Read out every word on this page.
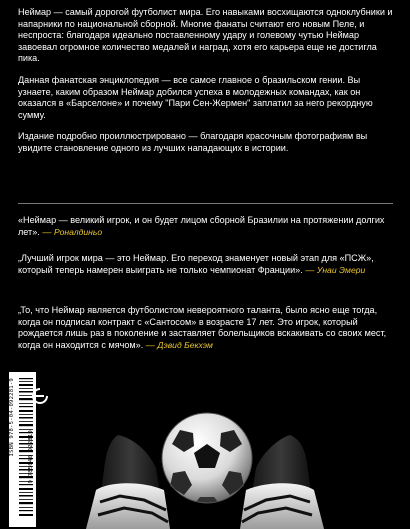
Неймар — самый дорогой футболист мира. Его навыками восхищаются одноклубники и напарники по национальной сборной. Многие фанаты считают его новым Пеле, и неспроста: благодаря идеально поставленному удару и голевому чутью Неймар завоевал огромное количество медалей и наград, хотя его карьера еще не достигла пика.

Данная фанатская энциклопедия — все самое главное о бразильском гении. Вы узнаете, каким образом Неймар добился успеха в молодежных командах, как он оказался в «Барселоне» и почему "Пари Сен-Жермен" заплатил за него рекордную сумму.

Издание подробно проиллюстрировано — благодаря красочным фотографиям вы увидите становление одного из лучших нападающих в истории.

«Неймар — великий игрок, и он будет лицом сборной Бразилии на протяжении долгих лет». — Роналдиньо

„Лучший игрок мира — это Неймар. Его переход знаменует новый этап для «ПСЖ», который теперь намерен выиграть не только чемпионат Франции». — Унаи Эмери

„То, что Неймар является футболистом невероятного таланта, было ясно еще тогда, когда он подписал контракт с «Сантосом» в возрасте 17 лет. Это игрок, который рождается лишь раз в поколение и заставляет болельщиков вскакивать со своих мест, когда он находится с мячом». — Дэвид Бекхэм

ISBN 978-5-04-092281-9
9 785040 922819
